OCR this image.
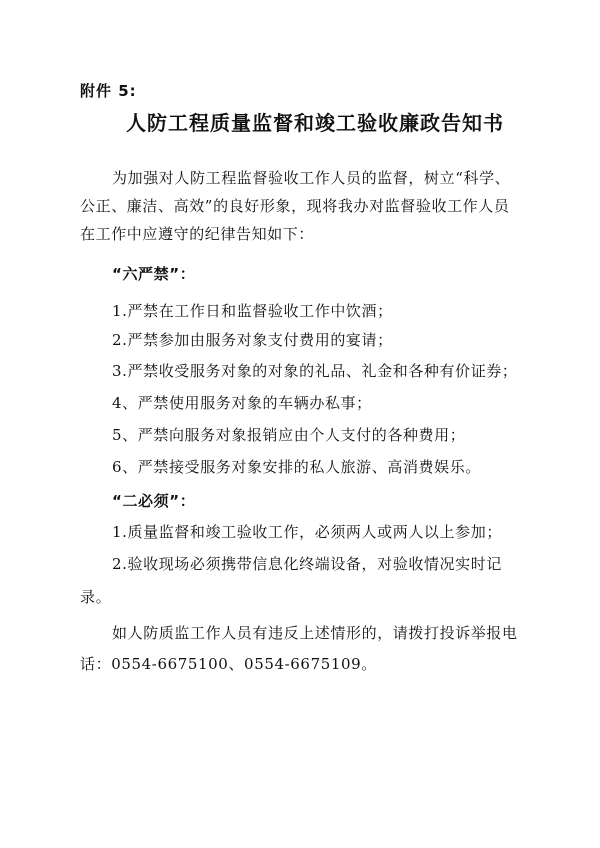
附件 5:
人防工程质量监督和竣工验收廉政告知书
为加强对人防工程监督验收工作人员的监督，树立“科学、
公正、廉洁、高效”的良好形象，现将我办对监督验收工作人员
在工作中应遵守的纪律告知如下：
“六严禁”：
1.严禁在工作日和监督验收工作中饮酒；
2.严禁参加由服务对象支付费用的宴请；
3.严禁收受服务对象的对象的礼品、礼金和各种有价证券；
4、严禁使用服务对象的车辆办私事；
5、严禁向服务对象报销应由个人支付的各种费用；
6、严禁接受服务对象安排的私人旅游、高消费娱乐。
“二必须”：
1.质量监督和竣工验收工作，必须两人或两人以上参加；
2.验收现场必须携带信息化终端设备，对验收情况实时记
录。
如人防质监工作人员有违反上述情形的，请拨打投诉举报电
话：0554-6675100、0554-6675109。
